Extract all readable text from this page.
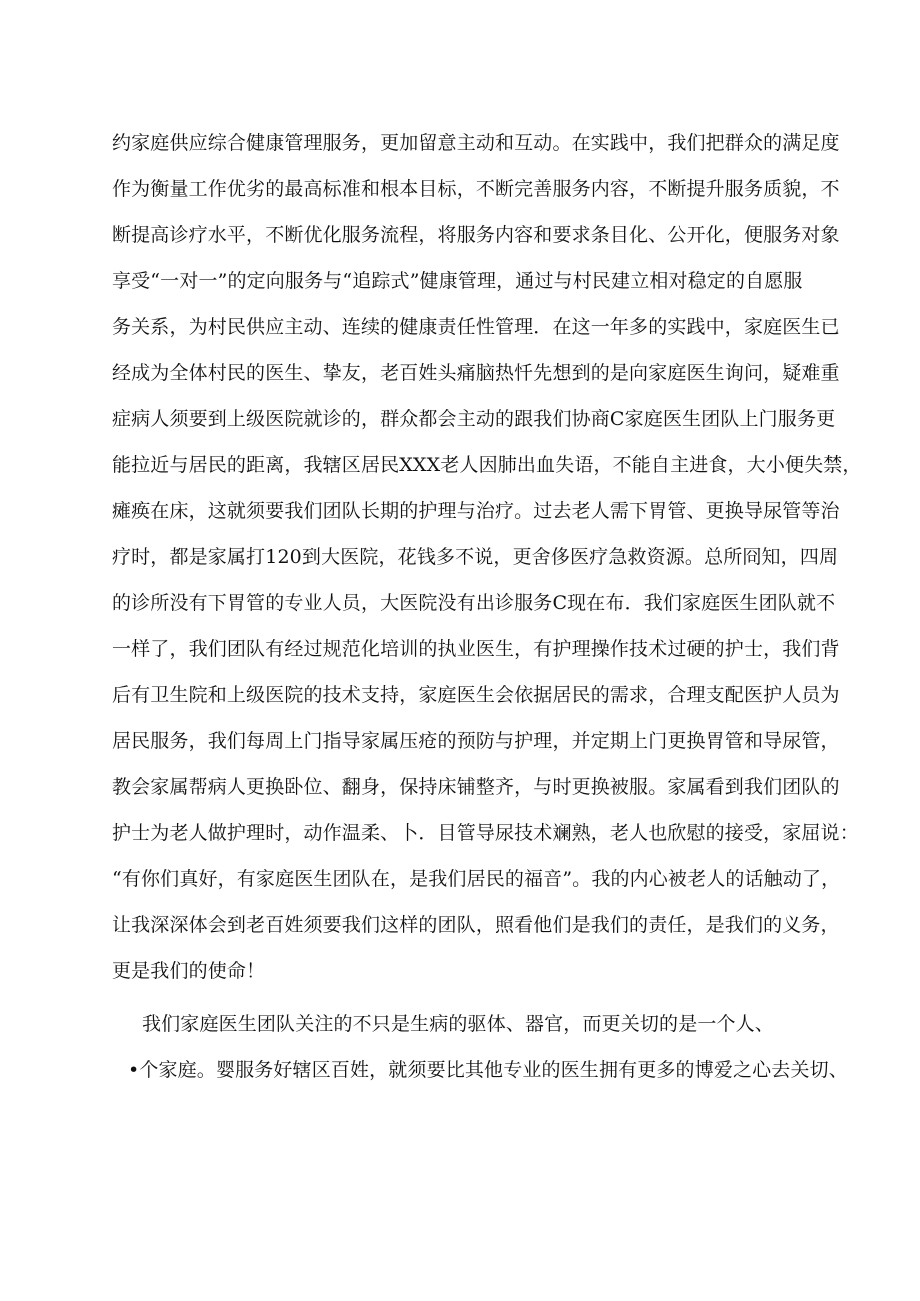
约家庭供应综合健康管理服务，更加留意主动和互动。在实践中，我们把群众的满足度
作为衡量工作优劣的最高标准和根本目标，不断完善服务内容，不断提升服务质貌，不
断提高诊疗水平，不断优化服务流程，将服务内容和要求条目化、公开化，便服务对象
享受“一对一”的定向服务与“追踪式”健康管理，通过与村民建立相对稳定的自愿服
务关系，为村民供应主动、连续的健康责任性管理．在这一年多的实践中，家庭医生已
经成为全体村民的医生、挚友，老百姓头痛脑热忏先想到的是向家庭医生询问，疑难重
症病人须要到上级医院就诊的，群众都会主动的跟我们协商C家庭医生团队上门服务更
能拉近与居民的距离，我辖区居民XXX老人因肺出血失语，不能自主进食，大小便失禁，
瘫痪在床，这就须要我们团队长期的护理与治疗。过去老人需下胃管、更换导尿管等治
疗时，都是家属打120到大医院，花钱多不说，更舍侈医疗急救资源。总所冏知，四周
的诊所没有下胃管的专业人员，大医院没有出诊服务C现在布．我们家庭医生团队就不
一样了，我们团队有经过规范化培训的执业医生，有护理操作技术过硬的护士，我们背
后有卫生院和上级医院的技术支持，家庭医生会依据居民的需求，合理支配医护人员为
居民服务，我们每周上门指导家属压疮的预防与护理，并定期上门更换胃管和导尿管，
教会家属帮病人更换卧位、翻身，保持床铺整齐，与时更换被服。家属看到我们团队的
护士为老人做护理时，动作温柔、卜．目管导尿技术斓熟，老人也欣慰的接受，家屈说：
“有你们真好，有家庭医生团队在，是我们居民的福音”。我的内心被老人的话触动了，
让我深深体会到老百姓须要我们这样的团队，照看他们是我们的责任，是我们的义务，
更是我们的使命！
我们家庭医生团队关注的不只是生病的驱体、器官，而更关切的是一个人、
•个家庭。婴服务好辖区百姓，就须要比其他专业的医生拥有更多的博爱之心去关切、
